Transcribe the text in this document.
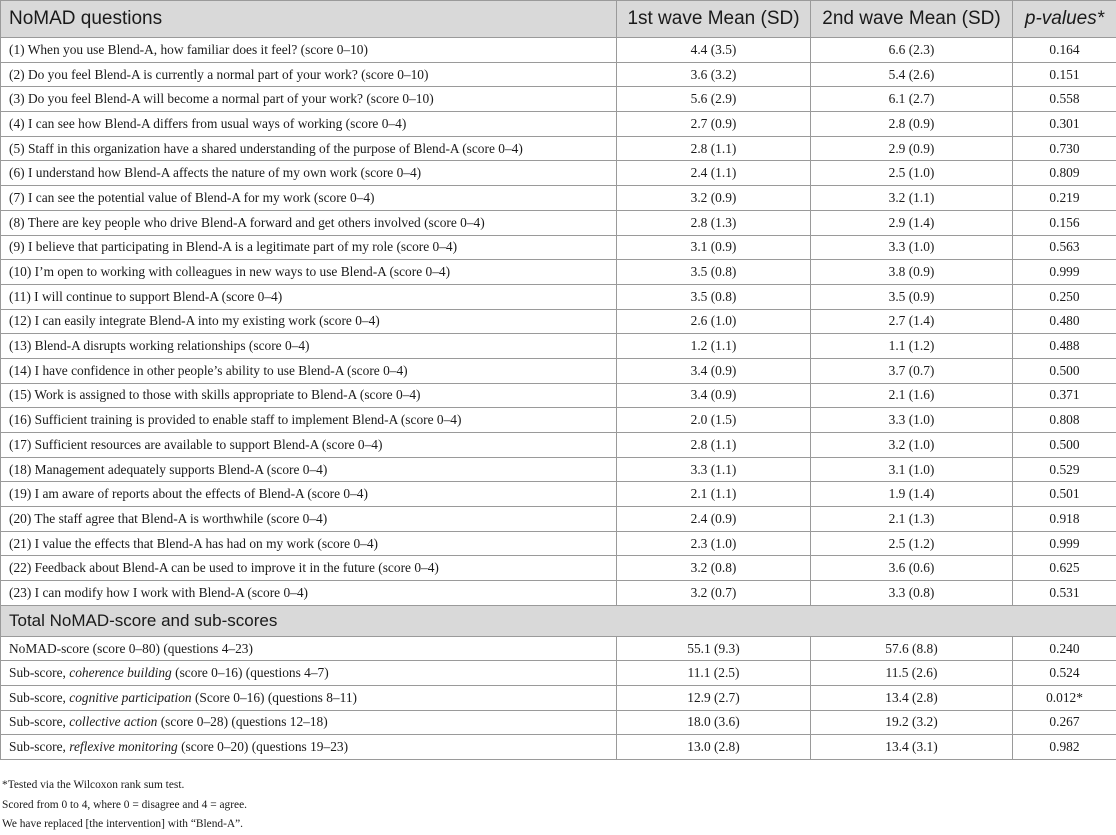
NoMAD questions	1st wave Mean (SD)	2nd wave Mean (SD)	p-values*
(1) When you use Blend-A, how familiar does it feel? (score 0–10)	4.4 (3.5)	6.6 (2.3)	0.164
(2) Do you feel Blend-A is currently a normal part of your work? (score 0–10)	3.6 (3.2)	5.4 (2.6)	0.151
(3) Do you feel Blend-A will become a normal part of your work? (score 0–10)	5.6 (2.9)	6.1 (2.7)	0.558
(4) I can see how Blend-A differs from usual ways of working (score 0–4)	2.7 (0.9)	2.8 (0.9)	0.301
(5) Staff in this organization have a shared understanding of the purpose of Blend-A (score 0–4)	2.8 (1.1)	2.9 (0.9)	0.730
(6) I understand how Blend-A affects the nature of my own work (score 0–4)	2.4 (1.1)	2.5 (1.0)	0.809
(7) I can see the potential value of Blend-A for my work (score 0–4)	3.2 (0.9)	3.2 (1.1)	0.219
(8) There are key people who drive Blend-A forward and get others involved (score 0–4)	2.8 (1.3)	2.9 (1.4)	0.156
(9) I believe that participating in Blend-A is a legitimate part of my role (score 0–4)	3.1 (0.9)	3.3 (1.0)	0.563
(10) I’m open to working with colleagues in new ways to use Blend-A (score 0–4)	3.5 (0.8)	3.8 (0.9)	0.999
(11) I will continue to support Blend-A (score 0–4)	3.5 (0.8)	3.5 (0.9)	0.250
(12) I can easily integrate Blend-A into my existing work (score 0–4)	2.6 (1.0)	2.7 (1.4)	0.480
(13) Blend-A disrupts working relationships (score 0–4)	1.2 (1.1)	1.1 (1.2)	0.488
(14) I have confidence in other people’s ability to use Blend-A (score 0–4)	3.4 (0.9)	3.7 (0.7)	0.500
(15) Work is assigned to those with skills appropriate to Blend-A (score 0–4)	3.4 (0.9)	2.1 (1.6)	0.371
(16) Sufficient training is provided to enable staff to implement Blend-A (score 0–4)	2.0 (1.5)	3.3 (1.0)	0.808
(17) Sufficient resources are available to support Blend-A (score 0–4)	2.8 (1.1)	3.2 (1.0)	0.500
(18) Management adequately supports Blend-A (score 0–4)	3.3 (1.1)	3.1 (1.0)	0.529
(19) I am aware of reports about the effects of Blend-A (score 0–4)	2.1 (1.1)	1.9 (1.4)	0.501
(20) The staff agree that Blend-A is worthwhile (score 0–4)	2.4 (0.9)	2.1 (1.3)	0.918
(21) I value the effects that Blend-A has had on my work (score 0–4)	2.3 (1.0)	2.5 (1.2)	0.999
(22) Feedback about Blend-A can be used to improve it in the future (score 0–4)	3.2 (0.8)	3.6 (0.6)	0.625
(23) I can modify how I work with Blend-A (score 0–4)	3.2 (0.7)	3.3 (0.8)	0.531
Total NoMAD-score and sub-scores			
NoMAD-score (score 0–80) (questions 4–23)	55.1 (9.3)	57.6 (8.8)	0.240
Sub-score, coherence building (score 0–16) (questions 4–7)	11.1 (2.5)	11.5 (2.6)	0.524
Sub-score, cognitive participation (Score 0–16) (questions 8–11)	12.9 (2.7)	13.4 (2.8)	0.012*
Sub-score, collective action (score 0–28) (questions 12–18)	18.0 (3.6)	19.2 (3.2)	0.267
Sub-score, reflexive monitoring (score 0–20) (questions 19–23)	13.0 (2.8)	13.4 (3.1)	0.982

*Tested via the Wilcoxon rank sum test.

Scored from 0 to 4, where 0 = disagree and 4 = agree.

We have replaced [the intervention] with “Blend-A”.
